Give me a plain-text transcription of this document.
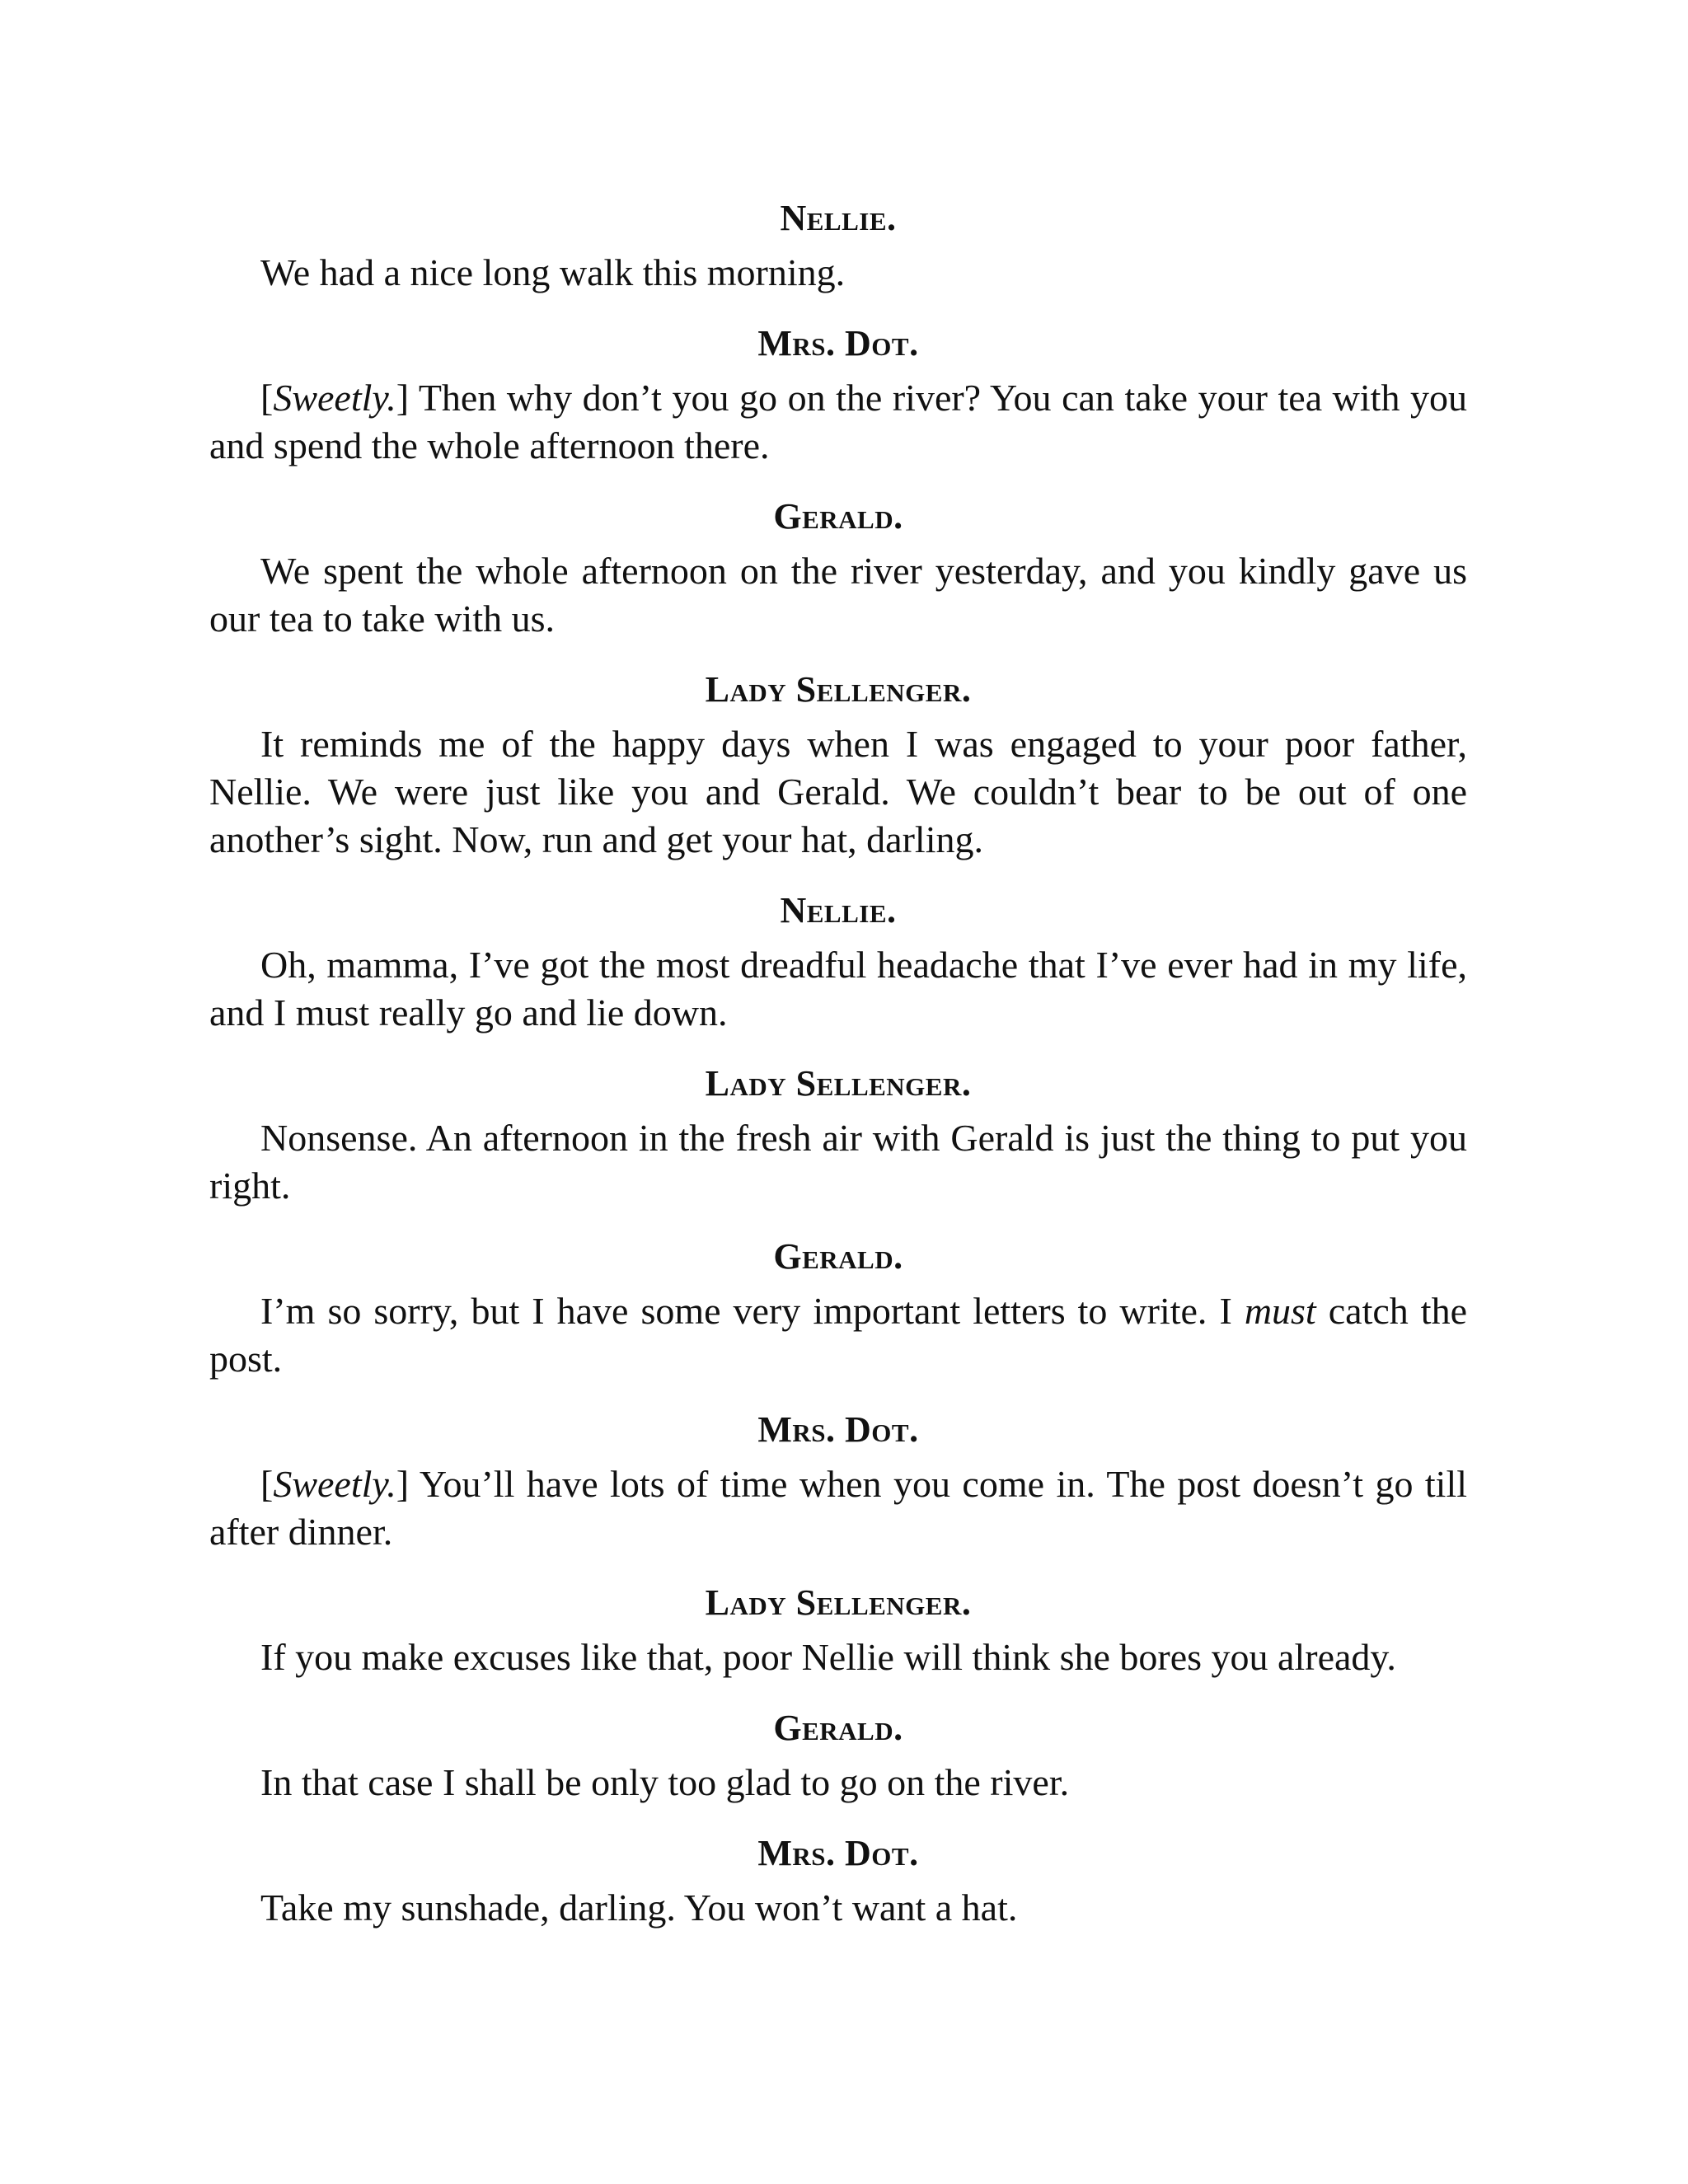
Nellie.

We had a nice long walk this morning.

Mrs. Dot.

[Sweetly.] Then why don’t you go on the river? You can take your tea with you and spend the whole afternoon there.

Gerald.

We spent the whole afternoon on the river yesterday, and you kindly gave us our tea to take with us.

Lady Sellenger.

It reminds me of the happy days when I was engaged to your poor father, Nellie. We were just like you and Gerald. We couldn’t bear to be out of one another’s sight. Now, run and get your hat, darling.

Nellie.

Oh, mamma, I’ve got the most dreadful headache that I’ve ever had in my life, and I must really go and lie down.

Lady Sellenger.

Nonsense. An afternoon in the fresh air with Gerald is just the thing to put you right.

Gerald.

I’m so sorry, but I have some very important letters to write. I must catch the post.

Mrs. Dot.

[Sweetly.] You’ll have lots of time when you come in. The post doesn’t go till after dinner.

Lady Sellenger.

If you make excuses like that, poor Nellie will think she bores you already.

Gerald.

In that case I shall be only too glad to go on the river.

Mrs. Dot.

Take my sunshade, darling. You won’t want a hat.
